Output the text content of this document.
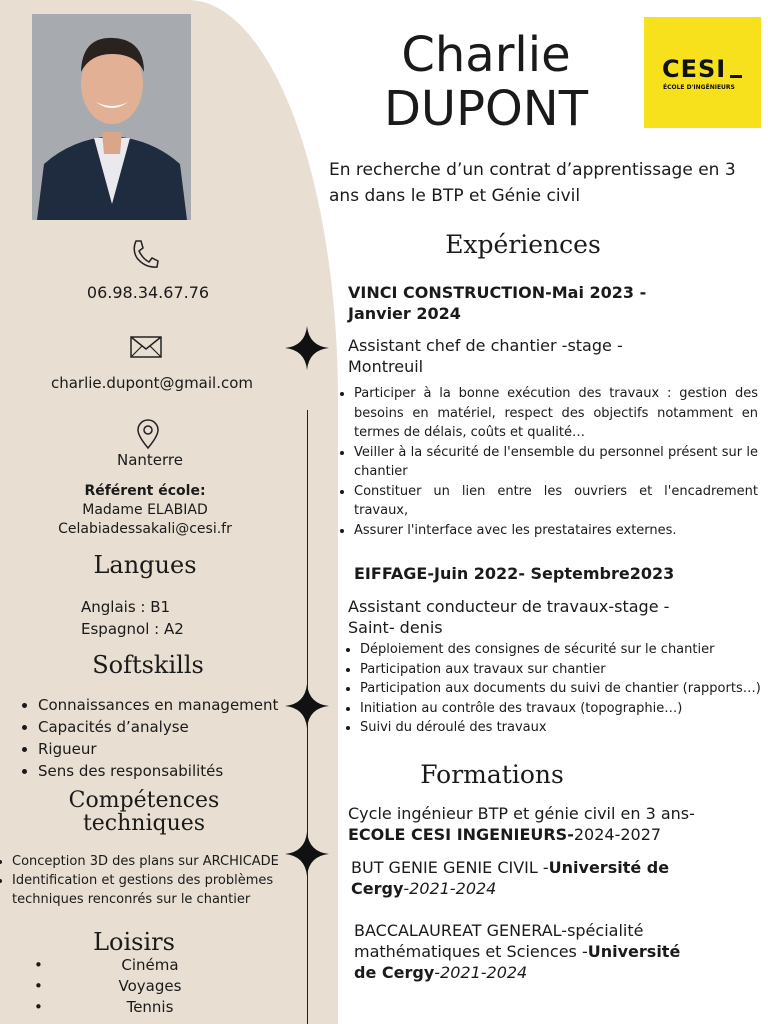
Charlie
DUPONT
CESI
ÉCOLE D'INGÉNIEURS
En recherche d’un contrat d’apprentissage en 3 ans dans le BTP et Génie civil
06.98.34.67.76
charlie.dupont@gmail.com
Nanterre
Référent école:
Madame ELABIAD
Celabiadessakali@cesi.fr
Langues
Anglais : B1
Espagnol : A2
Softskills
• Connaissances en management
• Capacités d’analyse
• Rigueur
• Sens des responsabilités
Compétences
techniques
• Conception 3D des plans sur ARCHICADE
• Identification et gestions des problèmes techniques renconrés sur le chantier
Loisirs
•	Cinéma
•	Voyages
•	Tennis
Expériences
VINCI CONSTRUCTION-Mai 2023 -
Janvier 2024
Assistant chef de chantier -stage -
Montreuil
• Participer à la bonne exécution des travaux : gestion des besoins en matériel, respect des objectifs notamment en termes de délais, coûts et qualité…
• Veiller à la sécurité de l'ensemble du personnel présent sur le chantier
• Constituer un lien entre les ouvriers et l'encadrement travaux,
• Assurer l'interface avec les prestataires externes.
EIFFAGE-Juin 2022- Septembre2023
Assistant conducteur de travaux-stage -
Saint- denis
• Déploiement des consignes de sécurité sur le chantier
• Participation aux travaux sur chantier
• Participation aux documents du suivi de chantier (rapports…)
• Initiation au contrôle des travaux (topographie…)
• Suivi du déroulé des travaux
Formations
Cycle ingénieur BTP et génie civil en 3 ans-
ECOLE CESI INGENIEURS-2024-2027
BUT GENIE GENIE CIVIL -Université de
Cergy-2021-2024
BACCALAUREAT GENERAL-spécialité
mathématiques et Sciences -Université
de Cergy-2021-2024
